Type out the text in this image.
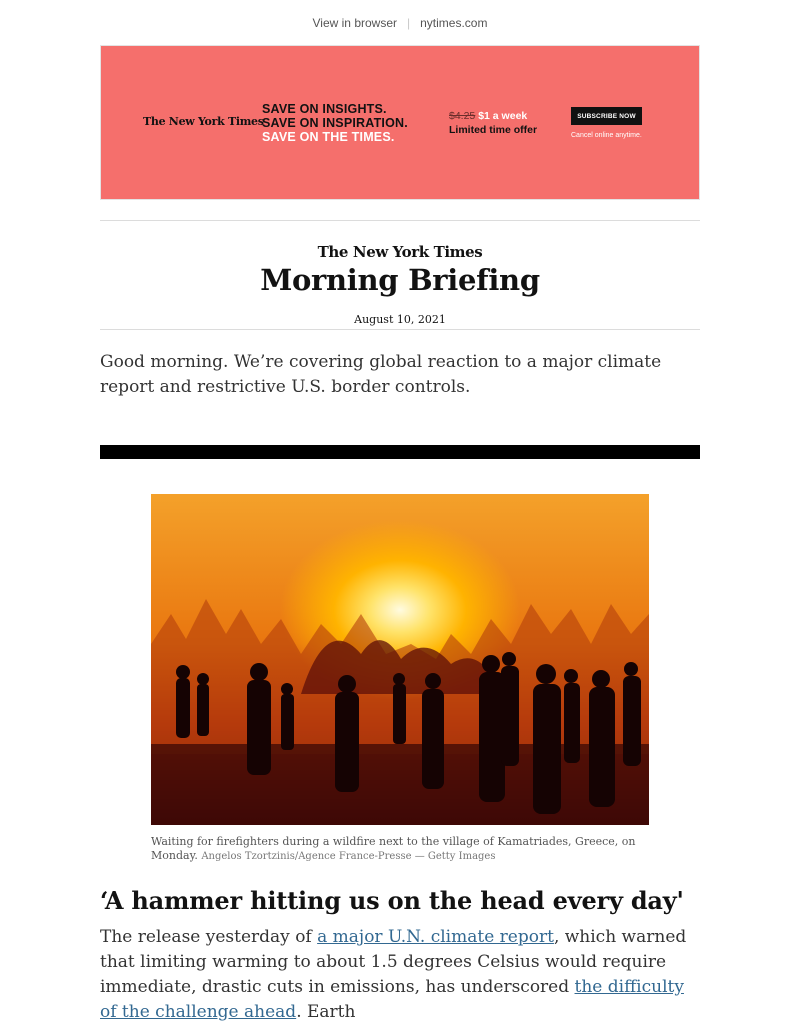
View in browser | nytimes.com
The New York Times
SAVE ON INSIGHTS.
SAVE ON INSPIRATION.
SAVE ON THE TIMES.
$4.25 $1 a week
Limited time offer
SUBSCRIBE NOW
Cancel online anytime.
The New York Times
Morning Briefing
August 10, 2021
Good morning. We’re covering global reaction to a major climate report and restrictive U.S. border controls.
Waiting for firefighters during a wildfire next to the village of Kamatriades, Greece, on Monday. Angelos Tzortzinis/Agence France-Presse — Getty Images
‘A hammer hitting us on the head every day'
The release yesterday of a major U.N. climate report, which warned that limiting warming to about 1.5 degrees Celsius would require immediate, drastic cuts in emissions, has underscored the difficulty of the challenge ahead. Earth
